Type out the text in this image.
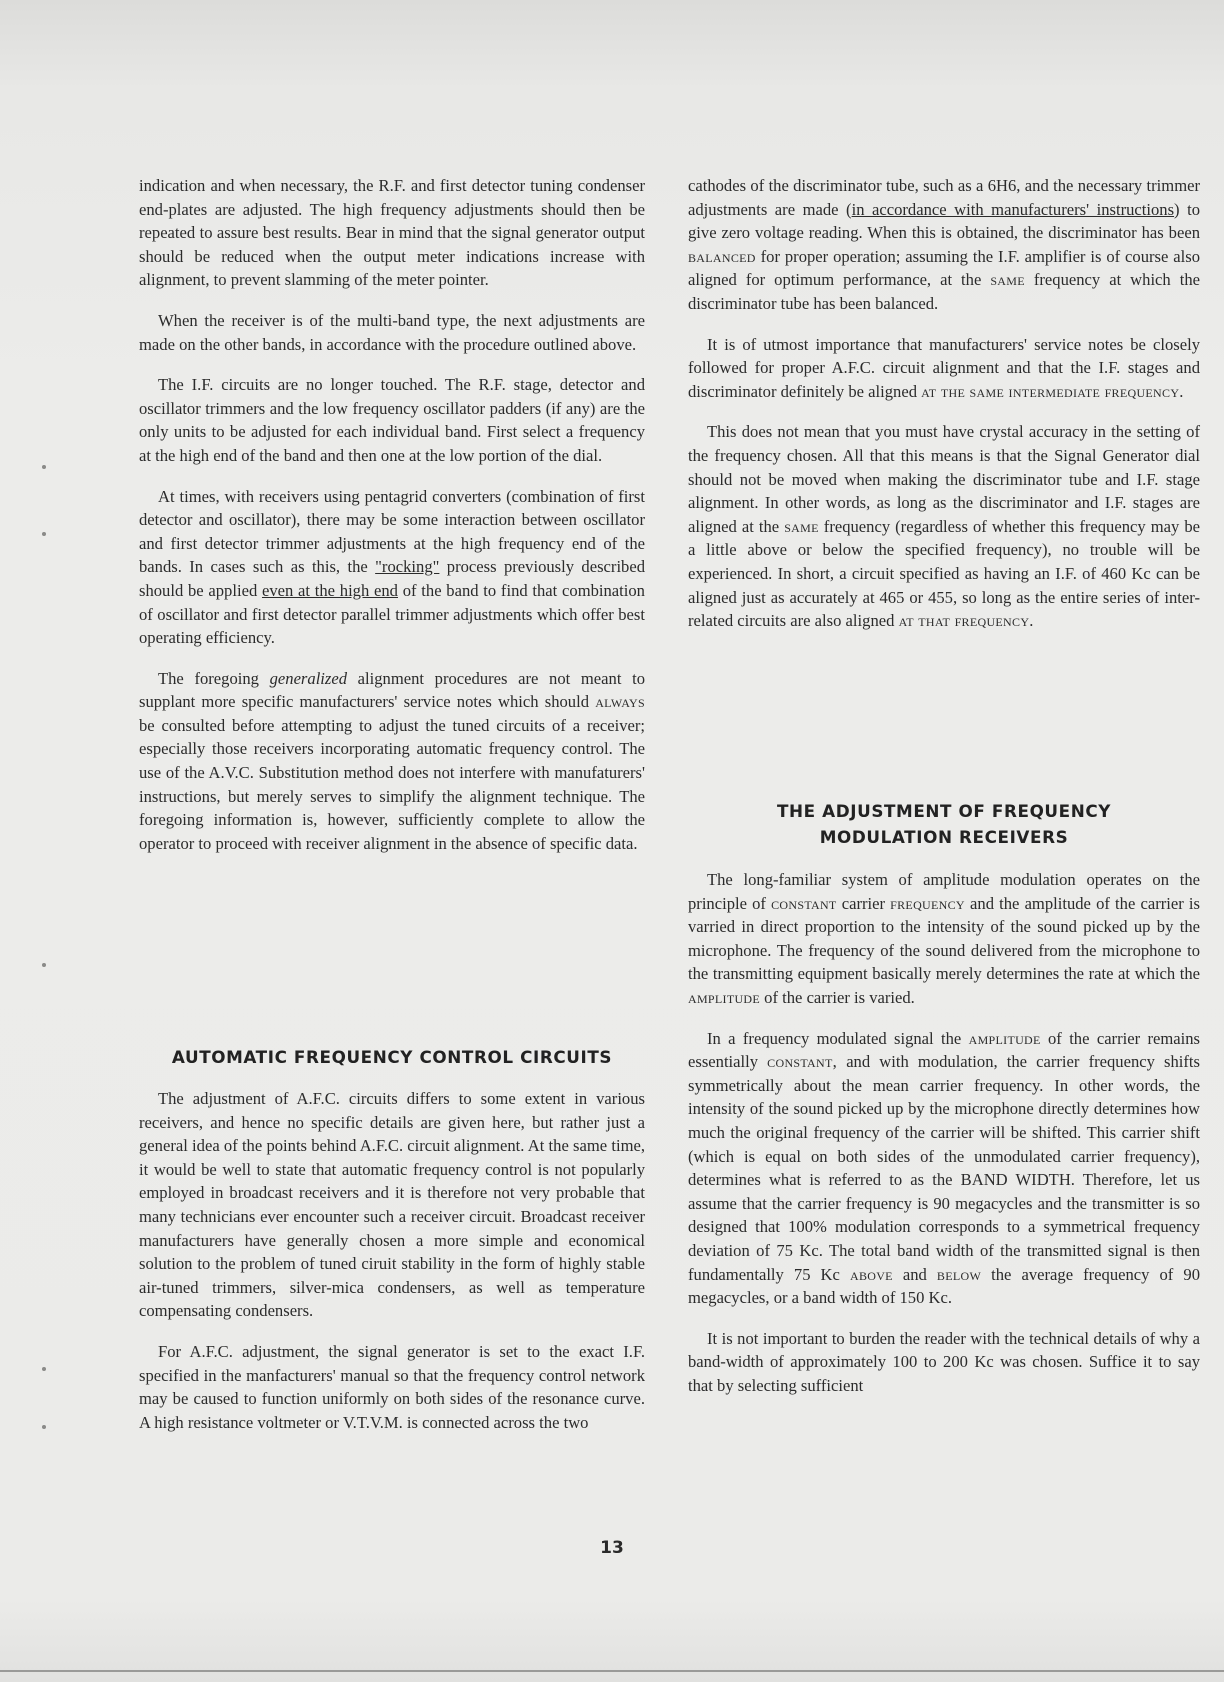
indication and when necessary, the R.F. and first detector tuning condenser end-plates are adjusted. The high frequency adjustments should then be repeated to assure best results. Bear in mind that the signal generator output should be reduced when the output meter indications increase with alignment, to prevent slamming of the meter pointer.

When the receiver is of the multi-band type, the next adjustments are made on the other bands, in accordance with the procedure outlined above.

The I.F. circuits are no longer touched. The R.F. stage, detector and oscillator trimmers and the low frequency oscillator padders (if any) are the only units to be adjusted for each individual band. First select a frequency at the high end of the band and then one at the low portion of the dial.

At times, with receivers using pentagrid converters (combination of first detector and oscillator), there may be some interaction between oscillator and first detector trimmer adjustments at the high frequency end of the bands. In cases such as this, the "rocking" process previously described should be applied even at the high end of the band to find that combination of oscillator and first detector parallel trimmer adjustments which offer best operating efficiency.

The foregoing generalized alignment procedures are not meant to supplant more specific manufacturers' service notes which should always be consulted before attempting to adjust the tuned circuits of a receiver; especially those receivers incorporating automatic frequency control. The use of the A.V.C. Substitution method does not interfere with manufaturers' instructions, but merely serves to simplify the alignment technique. The foregoing information is, however, sufficiently complete to allow the operator to proceed with receiver alignment in the absence of specific data.

AUTOMATIC FREQUENCY CONTROL CIRCUITS

The adjustment of A.F.C. circuits differs to some extent in various receivers, and hence no specific details are given here, but rather just a general idea of the points behind A.F.C. circuit alignment. At the same time, it would be well to state that automatic frequency control is not popularly employed in broadcast receivers and it is therefore not very probable that many technicians ever encounter such a receiver circuit. Broadcast receiver manufacturers have generally chosen a more simple and economical solution to the problem of tuned ciruit stability in the form of highly stable air-tuned trimmers, silver-mica condensers, as well as temperature compensating condensers.

For A.F.C. adjustment, the signal generator is set to the exact I.F. specified in the manfacturers' manual so that the frequency control network may be caused to function uniformly on both sides of the resonance curve. A high resistance voltmeter or V.T.V.M. is connected across the two

cathodes of the discriminator tube, such as a 6H6, and the necessary trimmer adjustments are made (in accordance with manufacturers' instructions) to give zero voltage reading. When this is obtained, the discriminator has been balanced for proper operation; assuming the I.F. amplifier is of course also aligned for optimum performance, at the same frequency at which the discriminator tube has been balanced.

It is of utmost importance that manufacturers' service notes be closely followed for proper A.F.C. circuit alignment and that the I.F. stages and discriminator definitely be aligned at the same intermediate frequency.

This does not mean that you must have crystal accuracy in the setting of the frequency chosen. All that this means is that the Signal Generator dial should not be moved when making the discriminator tube and I.F. stage alignment. In other words, as long as the discriminator and I.F. stages are aligned at the same frequency (regardless of whether this frequency may be a little above or below the specified frequency), no trouble will be experienced. In short, a circuit specified as having an I.F. of 460 Kc can be aligned just as accurately at 465 or 455, so long as the entire series of inter-related circuits are also aligned at that frequency.

THE ADJUSTMENT OF FREQUENCY
MODULATION RECEIVERS

The long-familiar system of amplitude modulation operates on the principle of constant carrier frequency and the amplitude of the carrier is varried in direct proportion to the intensity of the sound picked up by the microphone. The frequency of the sound delivered from the microphone to the transmitting equipment basically merely determines the rate at which the amplitude of the carrier is varied.

In a frequency modulated signal the amplitude of the carrier remains essentially constant, and with modulation, the carrier frequency shifts symmetrically about the mean carrier frequency. In other words, the intensity of the sound picked up by the microphone directly determines how much the original frequency of the carrier will be shifted. This carrier shift (which is equal on both sides of the unmodulated carrier frequency), determines what is referred to as the BAND WIDTH. Therefore, let us assume that the carrier frequency is 90 megacycles and the transmitter is so designed that 100% modulation corresponds to a symmetrical frequency deviation of 75 Kc. The total band width of the transmitted signal is then fundamentally 75 Kc above and below the average frequency of 90 megacycles, or a band width of 150 Kc.

It is not important to burden the reader with the technical details of why a band-width of approximately 100 to 200 Kc was chosen. Suffice it to say that by selecting sufficient

13
